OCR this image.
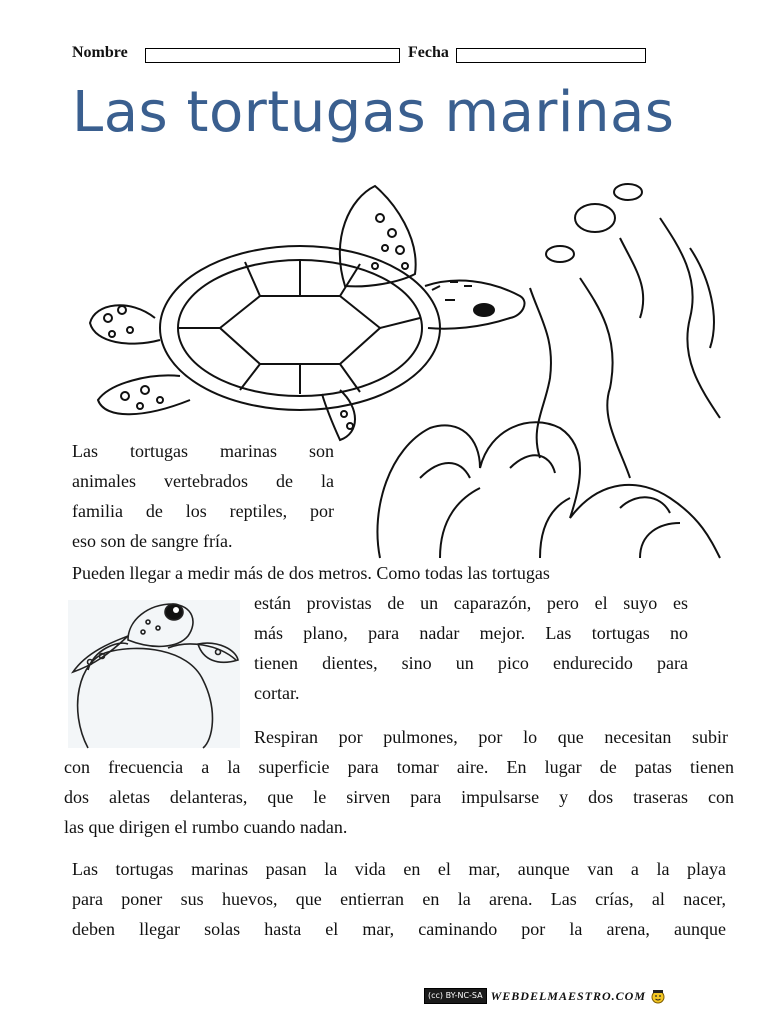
Nombre	Fecha
Las tortugas marinas
Las tortugas marinas son
animales vertebrados de la
familia de los reptiles, por
eso son de sangre fría.
Pueden llegar a medir más de dos metros. Como todas las tortugas
están provistas de un caparazón, pero el suyo es
más plano, para nadar mejor. Las tortugas no
tienen dientes, sino un pico endurecido para
cortar.
Respiran por pulmones, por lo que necesitan subir
con frecuencia a la superficie para tomar aire. En lugar de patas tienen
dos aletas delanteras, que le sirven para impulsarse y dos traseras con
las que dirigen el rumbo cuando nadan.
Las tortugas marinas pasan la vida en el mar, aunque van a la playa
para poner sus huevos, que entierran en la arena. Las crías, al nacer,
deben llegar solas hasta el mar, caminando por la arena, aunque
(cc) BY-NC-SA WEBDELMAESTRO.COM
